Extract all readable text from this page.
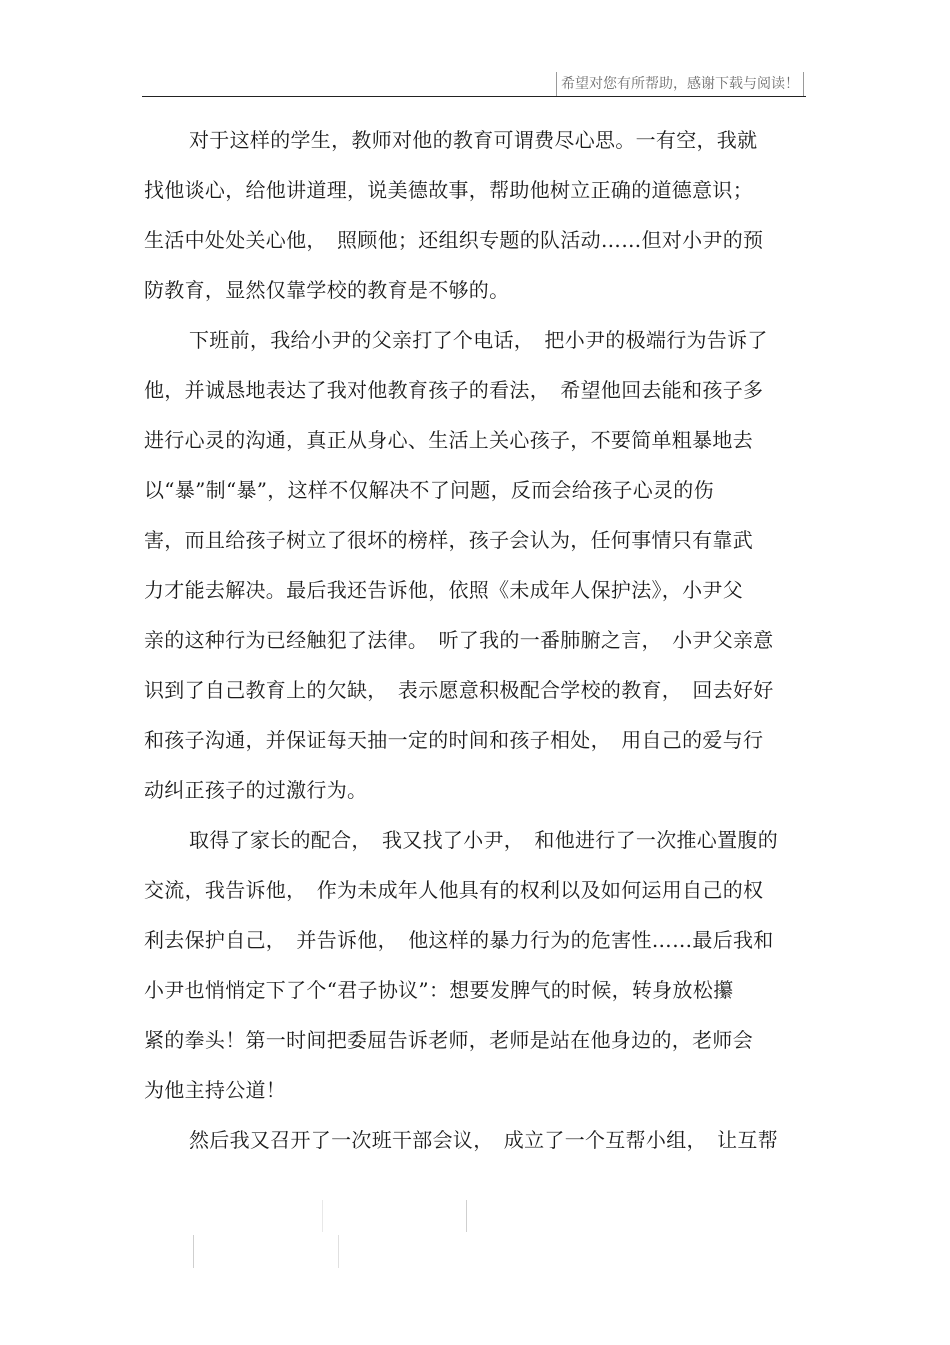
希望对您有所帮助，感谢下载与阅读！
对于这样的学生，教师对他的教育可谓费尽心思。一有空，我就
找他谈心，给他讲道理，说美德故事，帮助他树立正确的道德意识；
生活中处处关心他，　照顾他；还组织专题的队活动……但对小尹的预
防教育，显然仅靠学校的教育是不够的。
下班前，我给小尹的父亲打了个电话，　把小尹的极端行为告诉了
他，并诚恳地表达了我对他教育孩子的看法，　希望他回去能和孩子多
进行心灵的沟通，真正从身心、生活上关心孩子，不要简单粗暴地去
以“暴”制“暴”，这样不仅解决不了问题，反而会给孩子心灵的伤
害，而且给孩子树立了很坏的榜样，孩子会认为，任何事情只有靠武
力才能去解决。最后我还告诉他，依照《未成年人保护法》，小尹父
亲的这种行为已经触犯了法律。　听了我的一番肺腑之言，　小尹父亲意
识到了自己教育上的欠缺，　表示愿意积极配合学校的教育，　回去好好
和孩子沟通，并保证每天抽一定的时间和孩子相处，　用自己的爱与行
动纠正孩子的过激行为。
取得了家长的配合，　我又找了小尹，　和他进行了一次推心置腹的
交流，我告诉他，　作为未成年人他具有的权利以及如何运用自己的权
利去保护自己，　并告诉他，　他这样的暴力行为的危害性……最后我和
小尹也悄悄定下了个“君子协议”：想要发脾气的时候，转身放松攥
紧的拳头！第一时间把委屈告诉老师，老师是站在他身边的，老师会
为他主持公道！
然后我又召开了一次班干部会议，　成立了一个互帮小组，　让互帮
